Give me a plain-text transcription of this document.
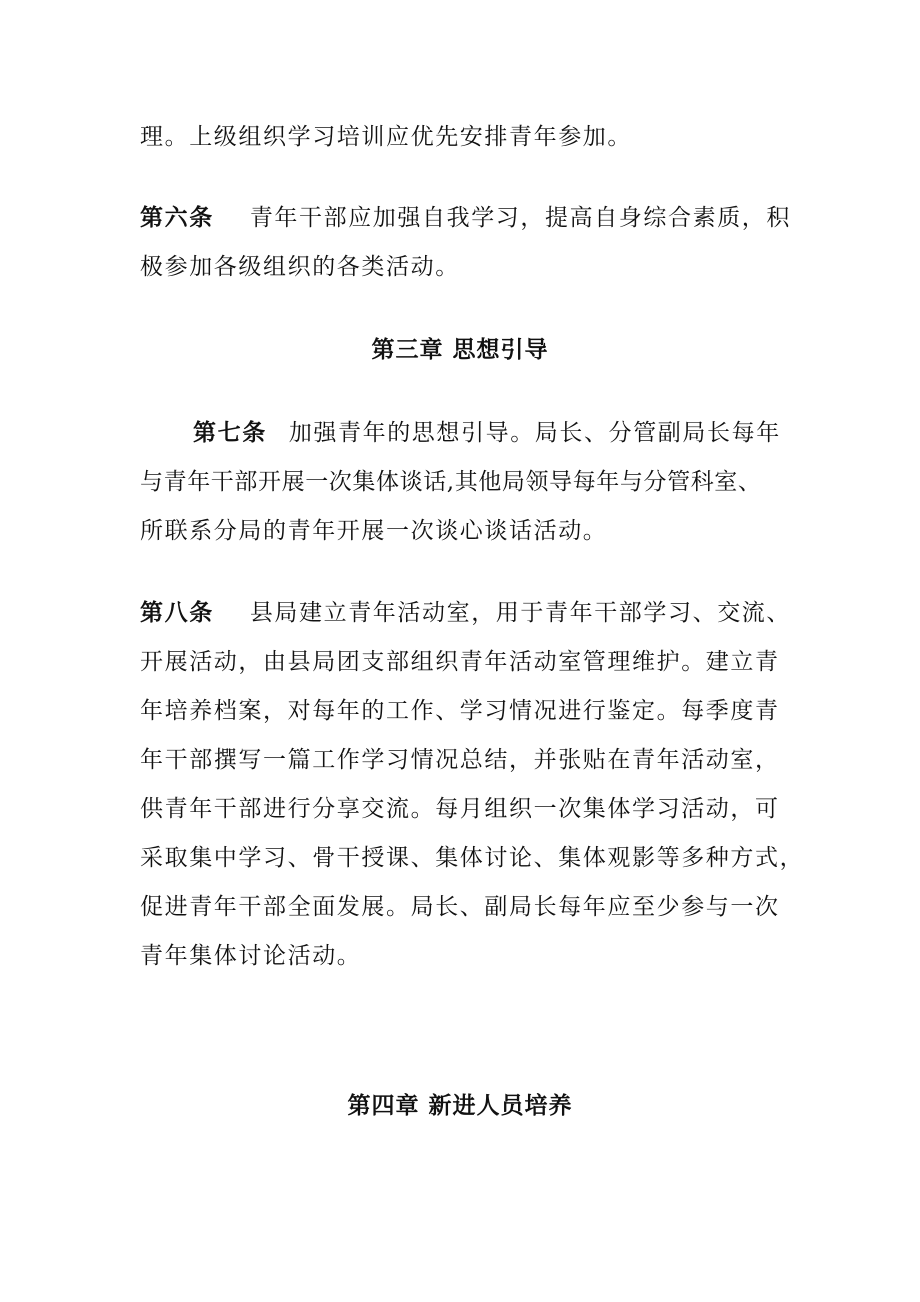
理。上级组织学习培训应优先安排青年参加。
第六条 青年干部应加强自我学习，提高自身综合素质，积
极参加各级组织的各类活动。
第三章 思想引导
第七条 加强青年的思想引导。局长、分管副局长每年
与青年干部开展一次集体谈话,其他局领导每年与分管科室、
所联系分局的青年开展一次谈心谈话活动。
第八条 县局建立青年活动室，用于青年干部学习、交流、
开展活动，由县局团支部组织青年活动室管理维护。建立青
年培养档案，对每年的工作、学习情况进行鉴定。每季度青
年干部撰写一篇工作学习情况总结，并张贴在青年活动室，
供青年干部进行分享交流。每月组织一次集体学习活动，可
采取集中学习、骨干授课、集体讨论、集体观影等多种方式，
促进青年干部全面发展。局长、副局长每年应至少参与一次
青年集体讨论活动。
第四章 新进人员培养
